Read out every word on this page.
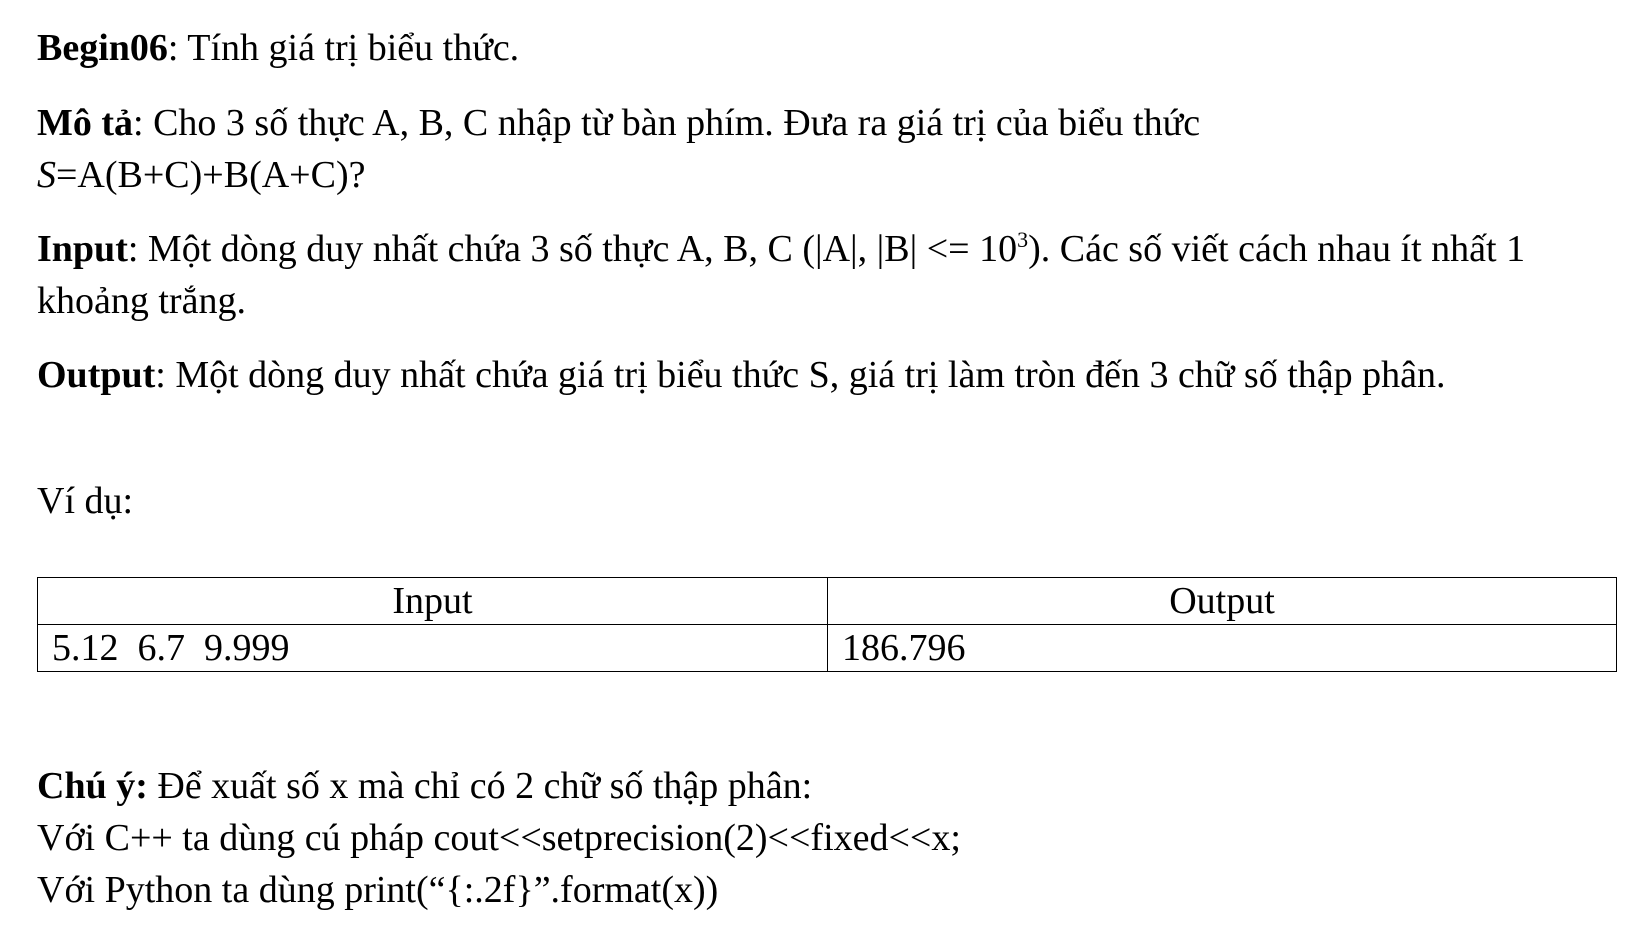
Begin06: Tính giá trị biểu thức.

Mô tả: Cho 3 số thực A, B, C nhập từ bàn phím. Đưa ra giá trị của biểu thức
S=A(B+C)+B(A+C)?

Input: Một dòng duy nhất chứa 3 số thực A, B, C (|A|, $|B| <= 10^3$). Các số viết cách nhau ít nhất 1 khoảng trắng.

Output: Một dòng duy nhất chứa giá trị biểu thức S, giá trị làm tròn đến 3 chữ số thập phân.

Ví dụ:

Input	Output
5.12  6.7  9.999	186.796

Chú ý: Để xuất số x mà chỉ có 2 chữ số thập phân:
Với C++ ta dùng cú pháp cout<<setprecision(2)<<fixed<<x;
Với Python ta dùng print(“{:.2f}”.format(x))
